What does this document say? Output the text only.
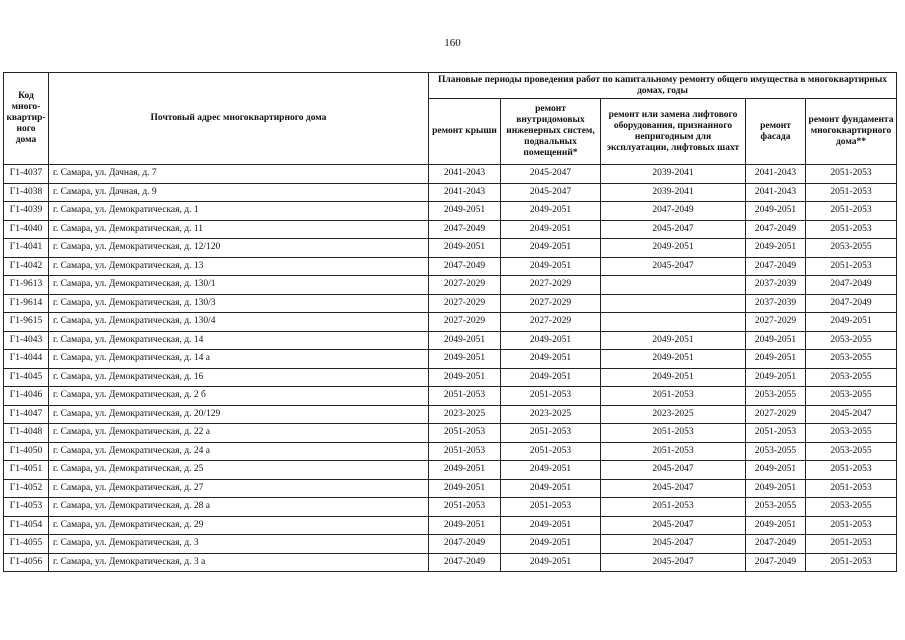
160
Код много-квартир-ного дома	Почтовый адрес многоквартирного дома	Плановые периоды проведения работ по капитальному ремонту общего имущества в многоквартирных домах, годы				
		ремонт крыши	ремонт внутридомовых инженерных систем, подвальных помещений*	ремонт или замена лифтового оборудования, признанного непригодным для эксплуатации, лифтовых шахт	ремонт фасада	ремонт фундамента многоквартирного дома**
Г1-4037	г. Самара, ул. Дачная, д. 7	2041-2043	2045-2047	2039-2041	2041-2043	2051-2053
Г1-4038	г. Самара, ул. Дачная, д. 9	2041-2043	2045-2047	2039-2041	2041-2043	2051-2053
Г1-4039	г. Самара, ул. Демократическая, д. 1	2049-2051	2049-2051	2047-2049	2049-2051	2051-2053
Г1-4040	г. Самара, ул. Демократическая, д. 11	2047-2049	2049-2051	2045-2047	2047-2049	2051-2053
Г1-4041	г. Самара, ул. Демократическая, д. 12/120	2049-2051	2049-2051	2049-2051	2049-2051	2053-2055
Г1-4042	г. Самара, ул. Демократическая, д. 13	2047-2049	2049-2051	2045-2047	2047-2049	2051-2053
Г1-9613	г. Самара, ул. Демократическая, д. 130/1	2027-2029	2027-2029		2037-2039	2047-2049
Г1-9614	г. Самара, ул. Демократическая, д. 130/3	2027-2029	2027-2029		2037-2039	2047-2049
Г1-9615	г. Самара, ул. Демократическая, д. 130/4	2027-2029	2027-2029		2027-2029	2049-2051
Г1-4043	г. Самара, ул. Демократическая, д. 14	2049-2051	2049-2051	2049-2051	2049-2051	2053-2055
Г1-4044	г. Самара, ул. Демократическая, д. 14 а	2049-2051	2049-2051	2049-2051	2049-2051	2053-2055
Г1-4045	г. Самара, ул. Демократическая, д. 16	2049-2051	2049-2051	2049-2051	2049-2051	2053-2055
Г1-4046	г. Самара, ул. Демократическая, д. 2 б	2051-2053	2051-2053	2051-2053	2053-2055	2053-2055
Г1-4047	г. Самара, ул. Демократическая, д. 20/129	2023-2025	2023-2025	2023-2025	2027-2029	2045-2047
Г1-4048	г. Самара, ул. Демократическая, д. 22 а	2051-2053	2051-2053	2051-2053	2051-2053	2053-2055
Г1-4050	г. Самара, ул. Демократическая, д. 24 а	2051-2053	2051-2053	2051-2053	2053-2055	2053-2055
Г1-4051	г. Самара, ул. Демократическая, д. 25	2049-2051	2049-2051	2045-2047	2049-2051	2051-2053
Г1-4052	г. Самара, ул. Демократическая, д. 27	2049-2051	2049-2051	2045-2047	2049-2051	2051-2053
Г1-4053	г. Самара, ул. Демократическая, д. 28 а	2051-2053	2051-2053	2051-2053	2053-2055	2053-2055
Г1-4054	г. Самара, ул. Демократическая, д. 29	2049-2051	2049-2051	2045-2047	2049-2051	2051-2053
Г1-4055	г. Самара, ул. Демократическая, д. 3	2047-2049	2049-2051	2045-2047	2047-2049	2051-2053
Г1-4056	г. Самара, ул. Демократическая, д. 3 а	2047-2049	2049-2051	2045-2047	2047-2049	2051-2053
